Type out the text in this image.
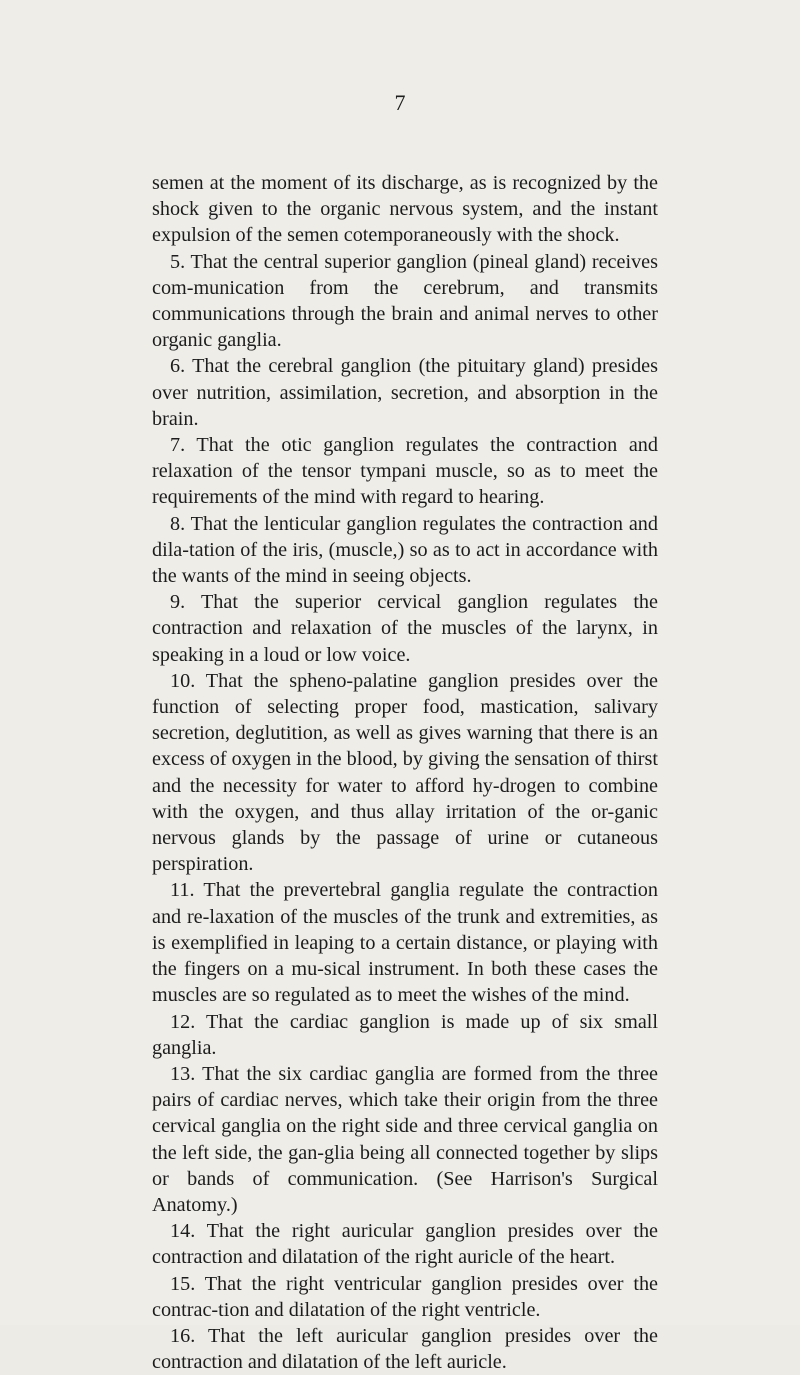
7

semen at the moment of its discharge, as is recognized by the shock given to the organic nervous system, and the instant expulsion of the semen cotemporaneously with the shock.

5. That the central superior ganglion (pineal gland) receives com-munication from the cerebrum, and transmits communications through the brain and animal nerves to other organic ganglia.

6. That the cerebral ganglion (the pituitary gland) presides over nutrition, assimilation, secretion, and absorption in the brain.

7. That the otic ganglion regulates the contraction and relaxation of the tensor tympani muscle, so as to meet the requirements of the mind with regard to hearing.

8. That the lenticular ganglion regulates the contraction and dila-tation of the iris, (muscle,) so as to act in accordance with the wants of the mind in seeing objects.

9. That the superior cervical ganglion regulates the contraction and relaxation of the muscles of the larynx, in speaking in a loud or low voice.

10. That the spheno-palatine ganglion presides over the function of selecting proper food, mastication, salivary secretion, deglutition, as well as gives warning that there is an excess of oxygen in the blood, by giving the sensation of thirst and the necessity for water to afford hy-drogen to combine with the oxygen, and thus allay irritation of the or-ganic nervous glands by the passage of urine or cutaneous perspiration.

11. That the prevertebral ganglia regulate the contraction and re-laxation of the muscles of the trunk and extremities, as is exemplified in leaping to a certain distance, or playing with the fingers on a mu-sical instrument. In both these cases the muscles are so regulated as to meet the wishes of the mind.

12. That the cardiac ganglion is made up of six small ganglia.

13. That the six cardiac ganglia are formed from the three pairs of cardiac nerves, which take their origin from the three cervical ganglia on the right side and three cervical ganglia on the left side, the gan-glia being all connected together by slips or bands of communication. (See Harrison's Surgical Anatomy.)

14. That the right auricular ganglion presides over the contraction and dilatation of the right auricle of the heart.

15. That the right ventricular ganglion presides over the contrac-tion and dilatation of the right ventricle.

16. That the left auricular ganglion presides over the contraction and dilatation of the left auricle.
